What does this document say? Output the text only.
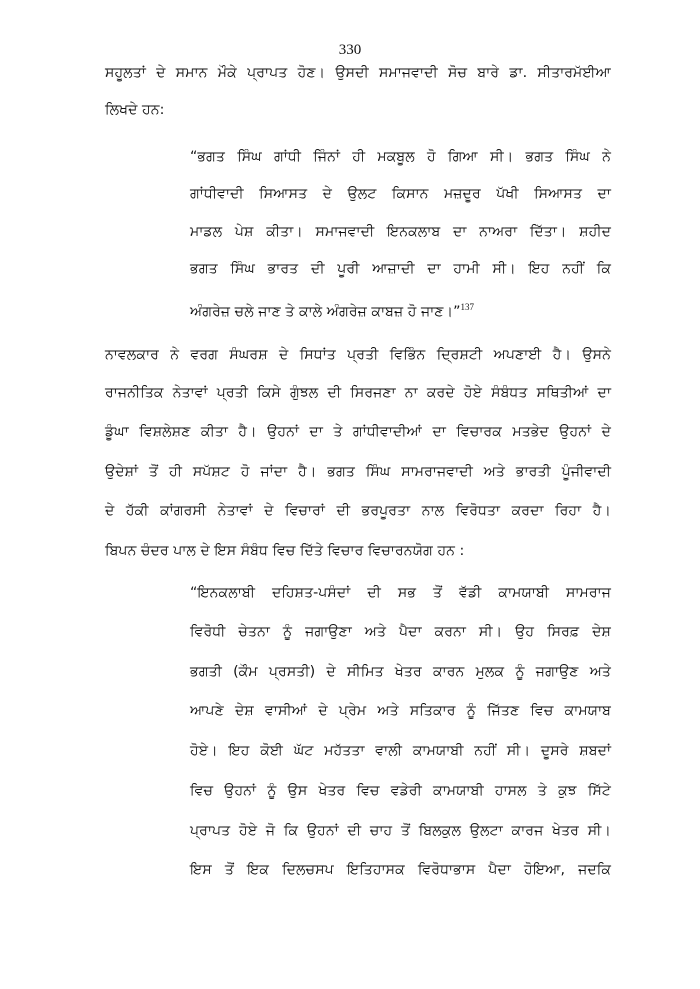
330
ਸਹੂਲਤਾਂ ਦੇ ਸਮਾਨ ਮੌਕੇ ਪ੍ਰਾਪਤ ਹੋਣ। ਉਸਦੀ ਸਮਾਜਵਾਦੀ ਸੋਚ ਬਾਰੇ ਡਾ. ਸੀਤਾਰਮੱਈਆ
ਲਿਖਦੇ ਹਨ:
“ਭਗਤ ਸਿੰਘ ਗਾਂਧੀ ਜਿੰਨਾਂ ਹੀ ਮਕਬੂਲ ਹੋ ਗਿਆ ਸੀ। ਭਗਤ ਸਿੰਘ ਨੇ
ਗਾਂਧੀਵਾਦੀ ਸਿਆਸਤ ਦੇ ਉਲਟ ਕਿਸਾਨ ਮਜ਼ਦੂਰ ਪੱਖੀ ਸਿਆਸਤ ਦਾ
ਮਾਡਲ ਪੇਸ਼ ਕੀਤਾ। ਸਮਾਜਵਾਦੀ ਇਨਕਲਾਬ ਦਾ ਨਾਅਰਾ ਦਿੱਤਾ। ਸ਼ਹੀਦ
ਭਗਤ ਸਿੰਘ ਭਾਰਤ ਦੀ ਪੂਰੀ ਆਜ਼ਾਦੀ ਦਾ ਹਾਮੀ ਸੀ। ਇਹ ਨਹੀਂ ਕਿ
ਅੰਗਰੇਜ਼ ਚਲੇ ਜਾਣ ਤੇ ਕਾਲੇ ਅੰਗਰੇਜ਼ ਕਾਬਜ਼ ਹੋ ਜਾਣ।”$^{137}$
ਨਾਵਲਕਾਰ ਨੇ ਵਰਗ ਸੰਘਰਸ਼ ਦੇ ਸਿਧਾਂਤ ਪ੍ਰਤੀ ਵਿਭਿੰਨ ਦ੍ਰਿਸ਼ਟੀ ਅਪਣਾਈ ਹੈ। ਉਸਨੇ
ਰਾਜਨੀਤਿਕ ਨੇਤਾਵਾਂ ਪ੍ਰਤੀ ਕਿਸੇ ਗੁੰਝਲ ਦੀ ਸਿਰਜਣਾ ਨਾ ਕਰਦੇ ਹੋਏ ਸੰਬੰਧਤ ਸਥਿਤੀਆਂ ਦਾ
ਡੂੰਘਾ ਵਿਸ਼ਲੇਸ਼ਣ ਕੀਤਾ ਹੈ। ਉਹਨਾਂ ਦਾ ਤੇ ਗਾਂਧੀਵਾਦੀਆਂ ਦਾ ਵਿਚਾਰਕ ਮਤਭੇਦ ਉਹਨਾਂ ਦੇ
ਉਦੇਸ਼ਾਂ ਤੋਂ ਹੀ ਸਪੱਸ਼ਟ ਹੋ ਜਾਂਦਾ ਹੈ। ਭਗਤ ਸਿੰਘ ਸਾਮਰਾਜਵਾਦੀ ਅਤੇ ਭਾਰਤੀ ਪੂੰਜੀਵਾਦੀ
ਦੇ ਹੱਕੀ ਕਾਂਗਰਸੀ ਨੇਤਾਵਾਂ ਦੇ ਵਿਚਾਰਾਂ ਦੀ ਭਰਪੂਰਤਾ ਨਾਲ ਵਿਰੋਧਤਾ ਕਰਦਾ ਰਿਹਾ ਹੈ।
ਬਿਪਨ ਚੰਦਰ ਪਾਲ ਦੇ ਇਸ ਸੰਬੰਧ ਵਿਚ ਦਿੱਤੇ ਵਿਚਾਰ ਵਿਚਾਰਨਯੋਗ ਹਨ :
“ਇਨਕਲਾਬੀ ਦਹਿਸ਼ਤ-ਪਸੰਦਾਂ ਦੀ ਸਭ ਤੋਂ ਵੱਡੀ ਕਾਮਯਾਬੀ ਸਾਮਰਾਜ
ਵਿਰੋਧੀ ਚੇਤਨਾ ਨੂੰ ਜਗਾਉਣਾ ਅਤੇ ਪੈਦਾ ਕਰਨਾ ਸੀ। ਉਹ ਸਿਰਫ਼ ਦੇਸ਼
ਭਗਤੀ (ਕੌਮ ਪ੍ਰਸਤੀ) ਦੇ ਸੀਮਿਤ ਖੇਤਰ ਕਾਰਨ ਮੁਲਕ ਨੂੰ ਜਗਾਉਣ ਅਤੇ
ਆਪਣੇ ਦੇਸ਼ ਵਾਸੀਆਂ ਦੇ ਪ੍ਰੇਮ ਅਤੇ ਸਤਿਕਾਰ ਨੂੰ ਜਿੱਤਣ ਵਿਚ ਕਾਮਯਾਬ
ਹੋਏ। ਇਹ ਕੋਈ ਘੱਟ ਮਹੱਤਤਾ ਵਾਲੀ ਕਾਮਯਾਬੀ ਨਹੀਂ ਸੀ। ਦੂਸਰੇ ਸ਼ਬਦਾਂ
ਵਿਚ ਉਹਨਾਂ ਨੂੰ ਉਸ ਖੇਤਰ ਵਿਚ ਵਡੇਰੀ ਕਾਮਯਾਬੀ ਹਾਸਲ ਤੇ ਕੁਝ ਸਿੱਟੇ
ਪ੍ਰਾਪਤ ਹੋਏ ਜੋ ਕਿ ਉਹਨਾਂ ਦੀ ਚਾਹ ਤੋਂ ਬਿਲਕੁਲ ਉਲਟਾ ਕਾਰਜ ਖੇਤਰ ਸੀ।
ਇਸ ਤੋਂ ਇਕ ਦਿਲਚਸਪ ਇਤਿਹਾਸਕ ਵਿਰੋਧਾਭਾਸ ਪੈਦਾ ਹੋਇਆ, ਜਦਕਿ
